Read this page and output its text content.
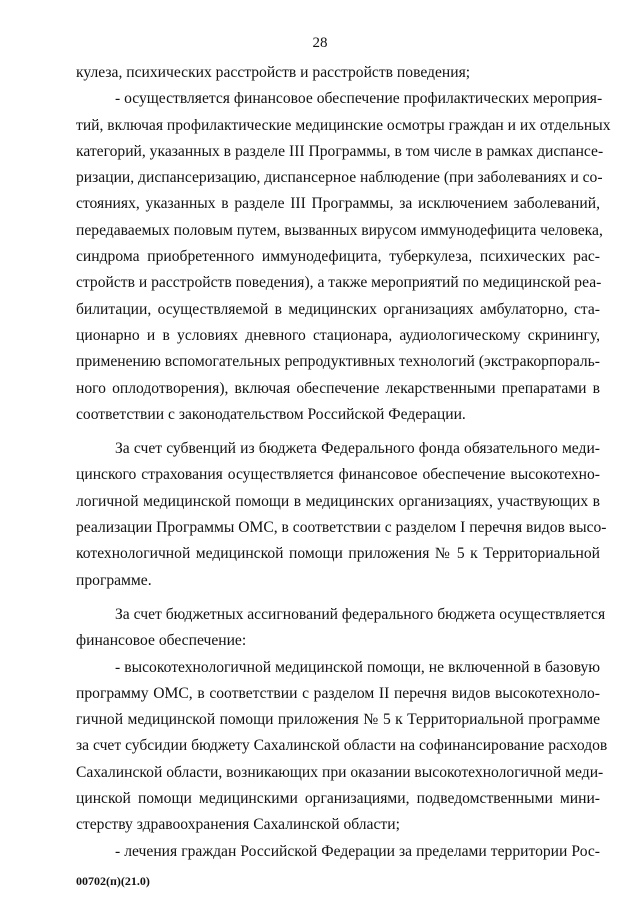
28
кулеза, психических расстройств и расстройств поведения;
- осуществляется финансовое обеспечение профилактических мероприя-
тий, включая профилактические медицинские осмотры граждан и их отдельных
категорий, указанных в разделе III Программы, в том числе в рамках диспансе-
ризации, диспансеризацию, диспансерное наблюдение (при заболеваниях и со-
стояниях, указанных в разделе III Программы, за исключением заболеваний,
передаваемых половым путем, вызванных вирусом иммунодефицита человека,
синдрома приобретенного иммунодефицита, туберкулеза, психических рас-
стройств и расстройств поведения), а также мероприятий по медицинской реа-
билитации, осуществляемой в медицинских организациях амбулаторно, ста-
ционарно и в условиях дневного стационара, аудиологическому скринингу,
применению вспомогательных репродуктивных технологий (экстракорпораль-
ного оплодотворения), включая обеспечение лекарственными препаратами в
соответствии с законодательством Российской Федерации.
За счет субвенций из бюджета Федерального фонда обязательного меди-
цинского страхования осуществляется финансовое обеспечение высокотехно-
логичной медицинской помощи в медицинских организациях, участвующих в
реализации Программы ОМС, в соответствии с разделом I перечня видов высо-
котехнологичной медицинской помощи приложения № 5 к Территориальной
программе.
За счет бюджетных ассигнований федерального бюджета осуществляется
финансовое обеспечение:
- высокотехнологичной медицинской помощи, не включенной в базовую
программу ОМС, в соответствии с разделом II перечня видов высокотехноло-
гичной медицинской помощи приложения № 5 к Территориальной программе
за счет субсидии бюджету Сахалинской области на софинансирование расходов
Сахалинской области, возникающих при оказании высокотехнологичной меди-
цинской помощи медицинскими организациями, подведомственными мини-
стерству здравоохранения Сахалинской области;
- лечения граждан Российской Федерации за пределами территории Рос-
00702(п)(21.0)
